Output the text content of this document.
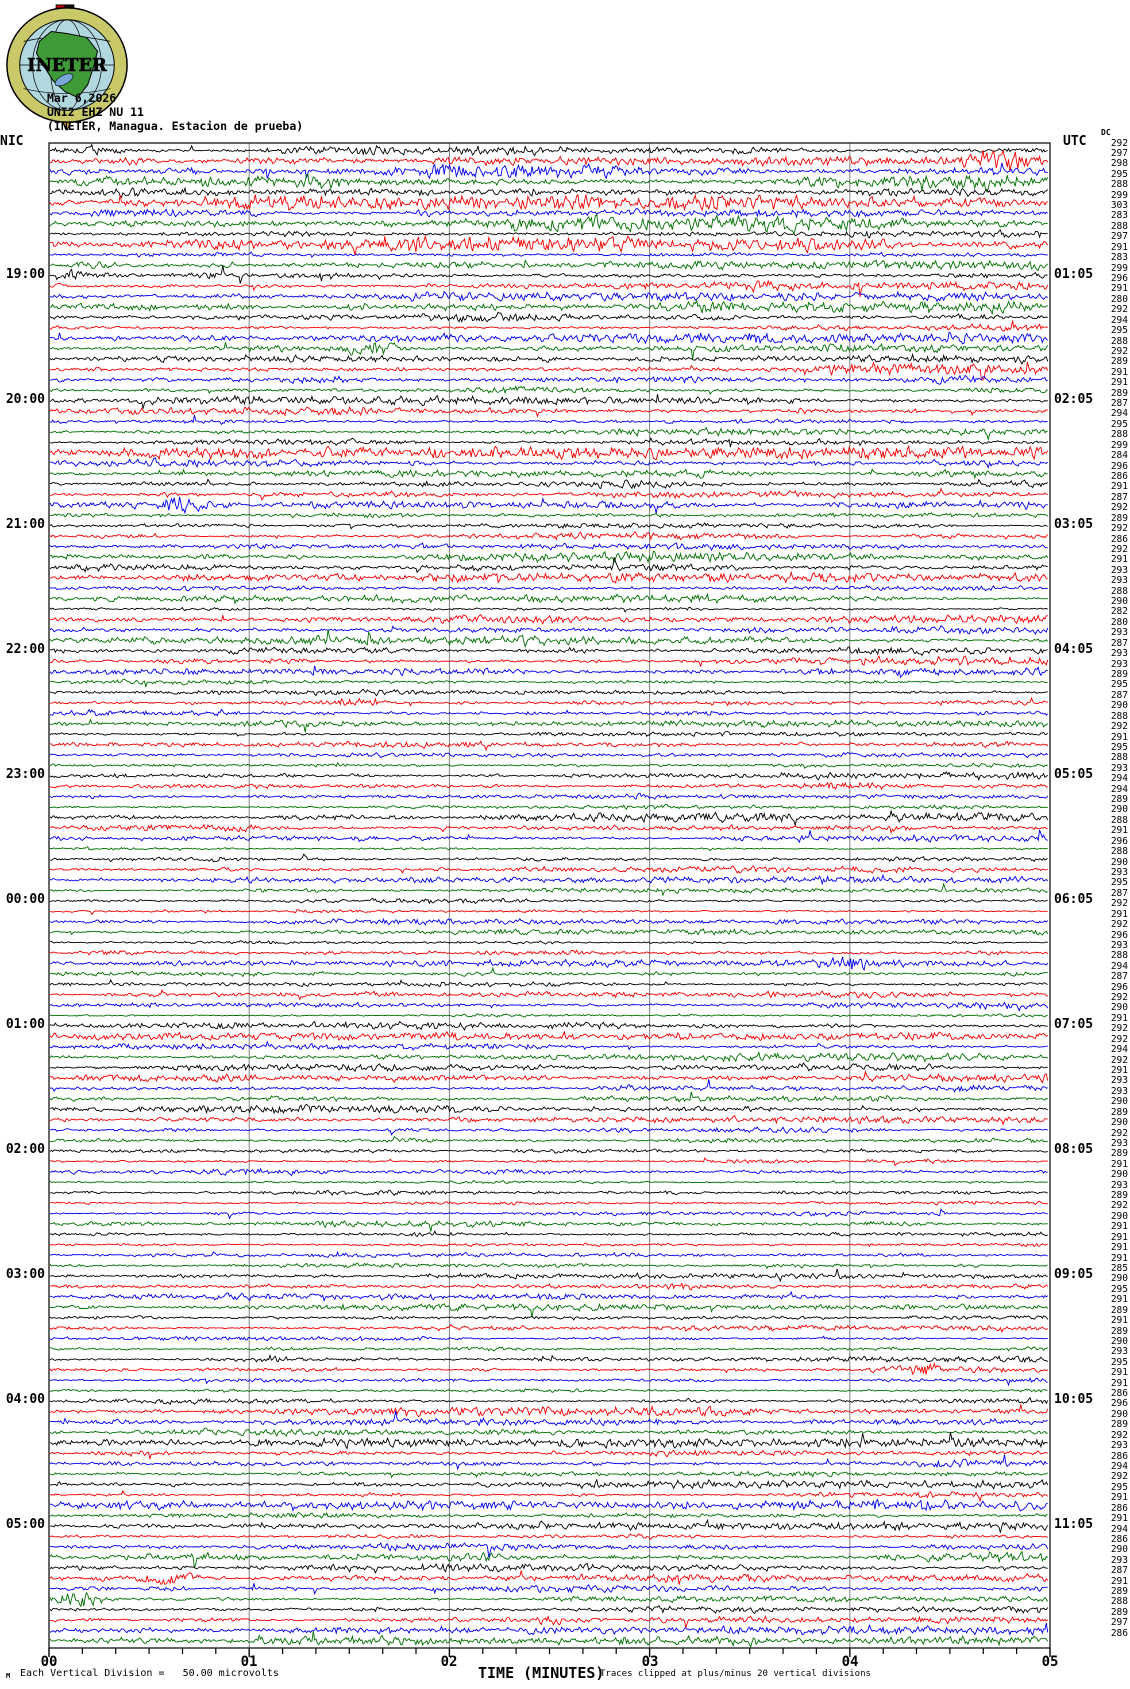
INETER
Mar 6,2026
UNI2 EHZ NU 11
(INETER, Managua. Estacion de prueba)
NIC	UTC
DC
19:00
20:00
21:00
22:00
23:00
00:00
01:00
02:00
03:00
04:00
05:00
01:05
02:05
03:05
04:05
05:05
06:05
07:05
08:05
09:05
10:05
11:05
292
297
298
295
288
299
303
283
288
297
291
283
299
296
291
280
292
294
295
288
292
289
291
291
289
287
294
295
288
299
284
296
286
291
287
292
289
292
286
292
291
293
293
288
290
282
280
293
287
293
293
289
295
287
290
288
292
291
295
288
293
294
294
289
290
288
291
296
288
290
293
295
287
292
291
292
296
293
288
294
287
296
292
290
291
292
292
294
292
291
293
293
290
289
290
292
293
289
291
290
293
289
292
290
291
291
291
291
285
290
295
291
289
291
289
290
293
295
291
291
286
296
290
289
292
293
286
294
292
295
291
286
291
294
286
290
293
287
291
289
288
289
297
286
00	01	02	03	04	05
M Each Vertical Division = 50.00 microvolts	TIME (MINUTES)
Traces clipped at plus/minus 20 vertical divisions
